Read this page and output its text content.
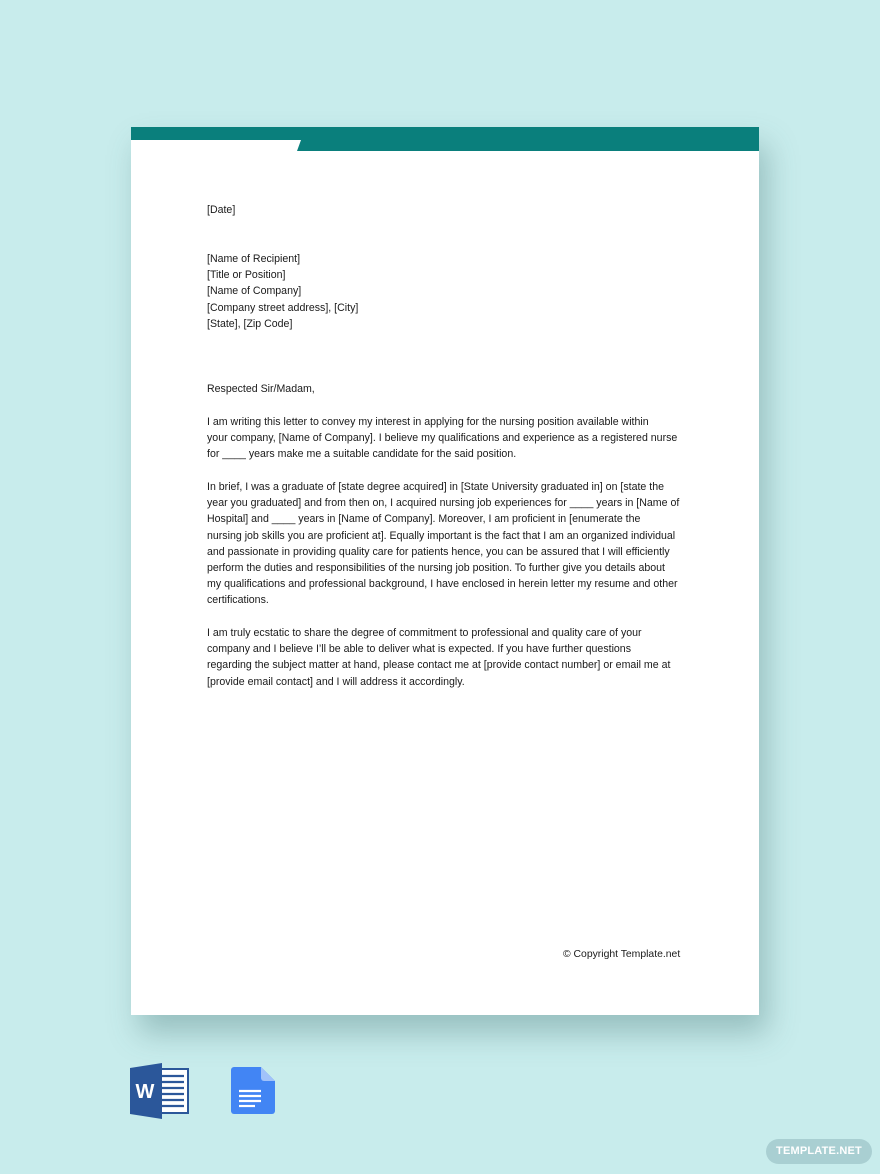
[Date]
[Name of Recipient]
[Title or Position]
[Name of Company]
[Company street address], [City]
[State], [Zip Code]
Respected Sir/Madam,
I am writing this letter to convey my interest in applying for the nursing position available within
your company, [Name of Company]. I believe my qualifications and experience as a registered nurse
for ____ years make me a suitable candidate for the said position.
In brief, I was a graduate of [state degree acquired] in [State University graduated in] on [state the
year you graduated] and from then on, I acquired nursing job experiences for ____ years in [Name of
Hospital] and ____ years in [Name of Company]. Moreover, I am proficient in [enumerate the
nursing job skills you are proficient at]. Equally important is the fact that I am an organized individual
and passionate in providing quality care for patients hence, you can be assured that I will efficiently
perform the duties and responsibilities of the nursing job position. To further give you details about
my qualifications and professional background, I have enclosed in herein letter my resume and other
certifications.
I am truly ecstatic to share the degree of commitment to professional and quality care of your
company and I believe I’ll be able to deliver what is expected. If you have further questions
regarding the subject matter at hand, please contact me at [provide contact number] or email me at
[provide email contact] and I will address it accordingly.
© Copyright Template.net
W
TEMPLATE.NET
